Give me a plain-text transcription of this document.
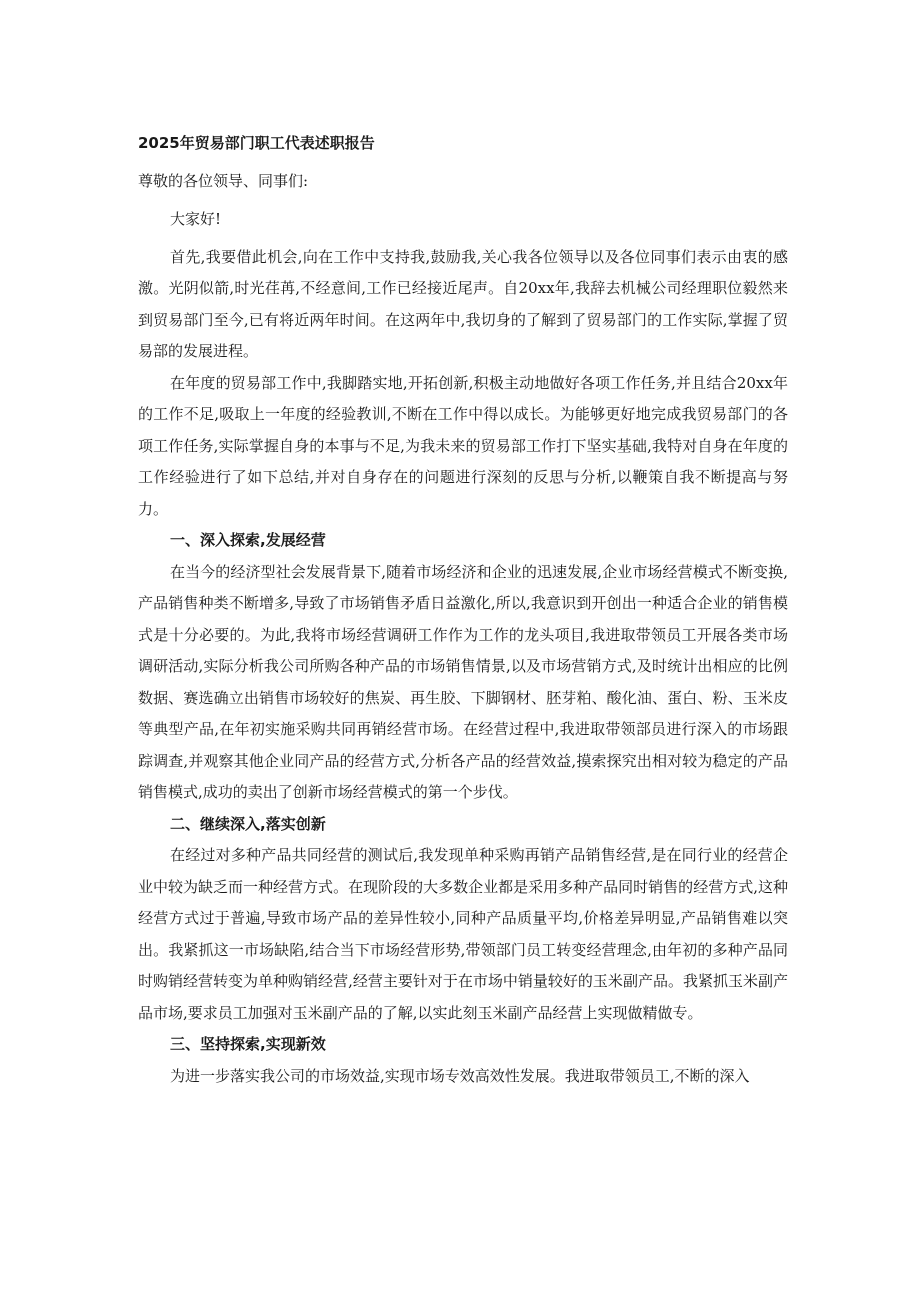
2025年贸易部门职工代表述职报告
尊敬的各位领导、同事们:

大家好!

首先,我要借此机会,向在工作中支持我,鼓励我,关心我各位领导以及各位同事们表示由衷的感激。光阴似箭,时光荏苒,不经意间,工作已经接近尾声。自20xx年,我辞去机械公司经理职位毅然来到贸易部门至今,已有将近两年时间。在这两年中,我切身的了解到了贸易部门的工作实际,掌握了贸易部的发展进程。

在年度的贸易部工作中,我脚踏实地,开拓创新,积极主动地做好各项工作任务,并且结合20xx年的工作不足,吸取上一年度的经验教训,不断在工作中得以成长。为能够更好地完成我贸易部门的各项工作任务,实际掌握自身的本事与不足,为我未来的贸易部工作打下坚实基础,我特对自身在年度的工作经验进行了如下总结,并对自身存在的问题进行深刻的反思与分析,以鞭策自我不断提高与努力。

一、深入探索,发展经营

在当今的经济型社会发展背景下,随着市场经济和企业的迅速发展,企业市场经营模式不断变换,产品销售种类不断增多,导致了市场销售矛盾日益激化,所以,我意识到开创出一种适合企业的销售模式是十分必要的。为此,我将市场经营调研工作作为工作的龙头项目,我进取带领员工开展各类市场调研活动,实际分析我公司所购各种产品的市场销售情景,以及市场营销方式,及时统计出相应的比例数据、赛选确立出销售市场较好的焦炭、再生胶、下脚钢材、胚芽粕、酸化油、蛋白、粉、玉米皮等典型产品,在年初实施采购共同再销经营市场。在经营过程中,我进取带领部员进行深入的市场跟踪调查,并观察其他企业同产品的经营方式,分析各产品的经营效益,摸索探究出相对较为稳定的产品销售模式,成功的卖出了创新市场经营模式的第一个步伐。

二、继续深入,落实创新

在经过对多种产品共同经营的测试后,我发现单种采购再销产品销售经营,是在同行业的经营企业中较为缺乏而一种经营方式。在现阶段的大多数企业都是采用多种产品同时销售的经营方式,这种经营方式过于普遍,导致市场产品的差异性较小,同种产品质量平均,价格差异明显,产品销售难以突出。我紧抓这一市场缺陷,结合当下市场经营形势,带领部门员工转变经营理念,由年初的多种产品同时购销经营转变为单种购销经营,经营主要针对于在市场中销量较好的玉米副产品。我紧抓玉米副产品市场,要求员工加强对玉米副产品的了解,以实此刻玉米副产品经营上实现做精做专。

三、坚持探索,实现新效

为进一步落实我公司的市场效益,实现市场专效高效性发展。我进取带领员工,不断的深入
